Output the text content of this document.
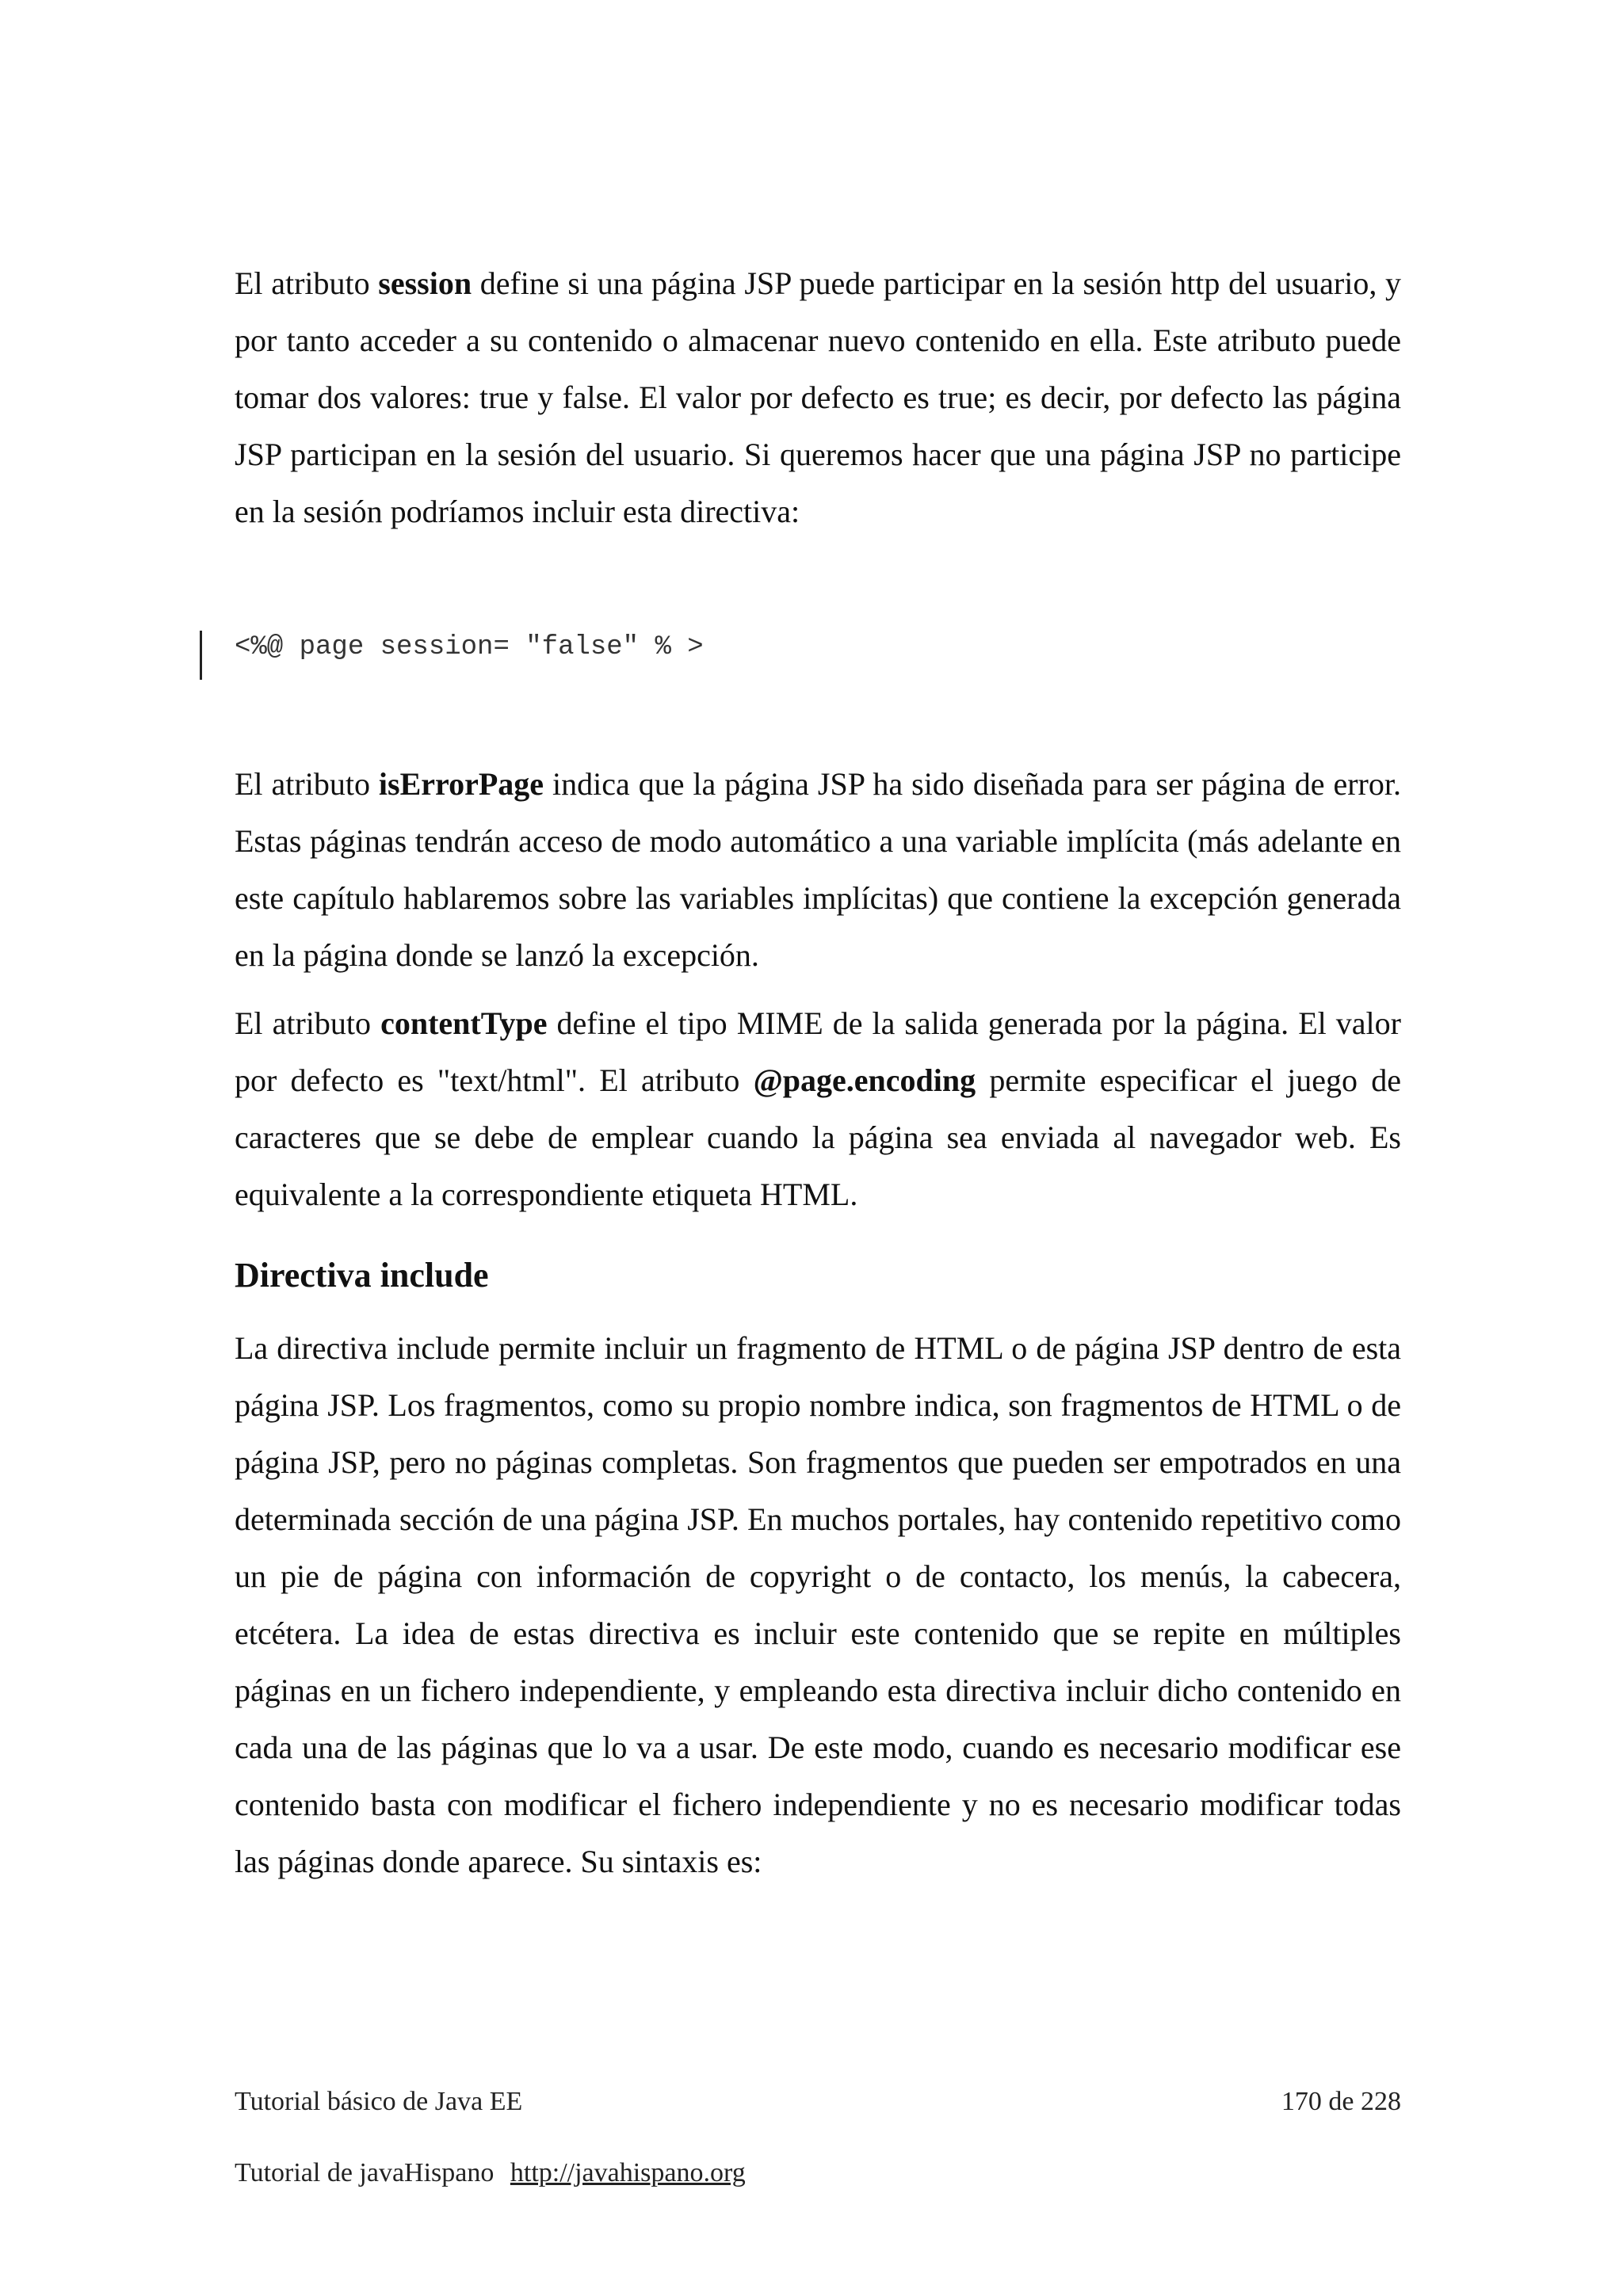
El atributo session define si una página JSP puede participar en la sesión http del usuario, y por tanto acceder a su contenido o almacenar nuevo contenido en ella. Este atributo puede tomar dos valores: true y false. El valor por defecto es true; es decir, por defecto las página JSP participan en la sesión del usuario. Si queremos hacer que una página JSP no participe en la sesión podríamos incluir esta directiva:

<%@ page session= "false" % >

El atributo isErrorPage indica que la página JSP ha sido diseñada para ser página de error. Estas páginas tendrán acceso de modo automático a una variable implícita (más adelante en este capítulo hablaremos sobre las variables implícitas) que contiene la excepción generada en la página donde se lanzó la excepción.

El atributo contentType define el tipo MIME de la salida generada por la página. El valor por defecto es "text/html". El atributo @page.encoding permite especificar el juego de caracteres que se debe de emplear cuando la página sea enviada al navegador web. Es equivalente a la correspondiente etiqueta HTML.

Directiva include

La directiva include permite incluir un fragmento de HTML o de página JSP dentro de esta página JSP. Los fragmentos, como su propio nombre indica, son fragmentos de HTML o de página JSP, pero no páginas completas. Son fragmentos que pueden ser empotrados en una determinada sección de una página JSP. En muchos portales, hay contenido repetitivo como un pie de página con información de copyright o de contacto, los menús, la cabecera, etcétera. La idea de estas directiva es incluir este contenido que se repite en múltiples páginas en un fichero independiente, y empleando esta directiva incluir dicho contenido en cada una de las páginas que lo va a usar. De este modo, cuando es necesario modificar ese contenido basta con modificar el fichero independiente y no es necesario modificar todas las páginas donde aparece. Su sintaxis es:

Tutorial básico de Java EE	170 de 228
Tutorial de javaHispano http://javahispano.org
